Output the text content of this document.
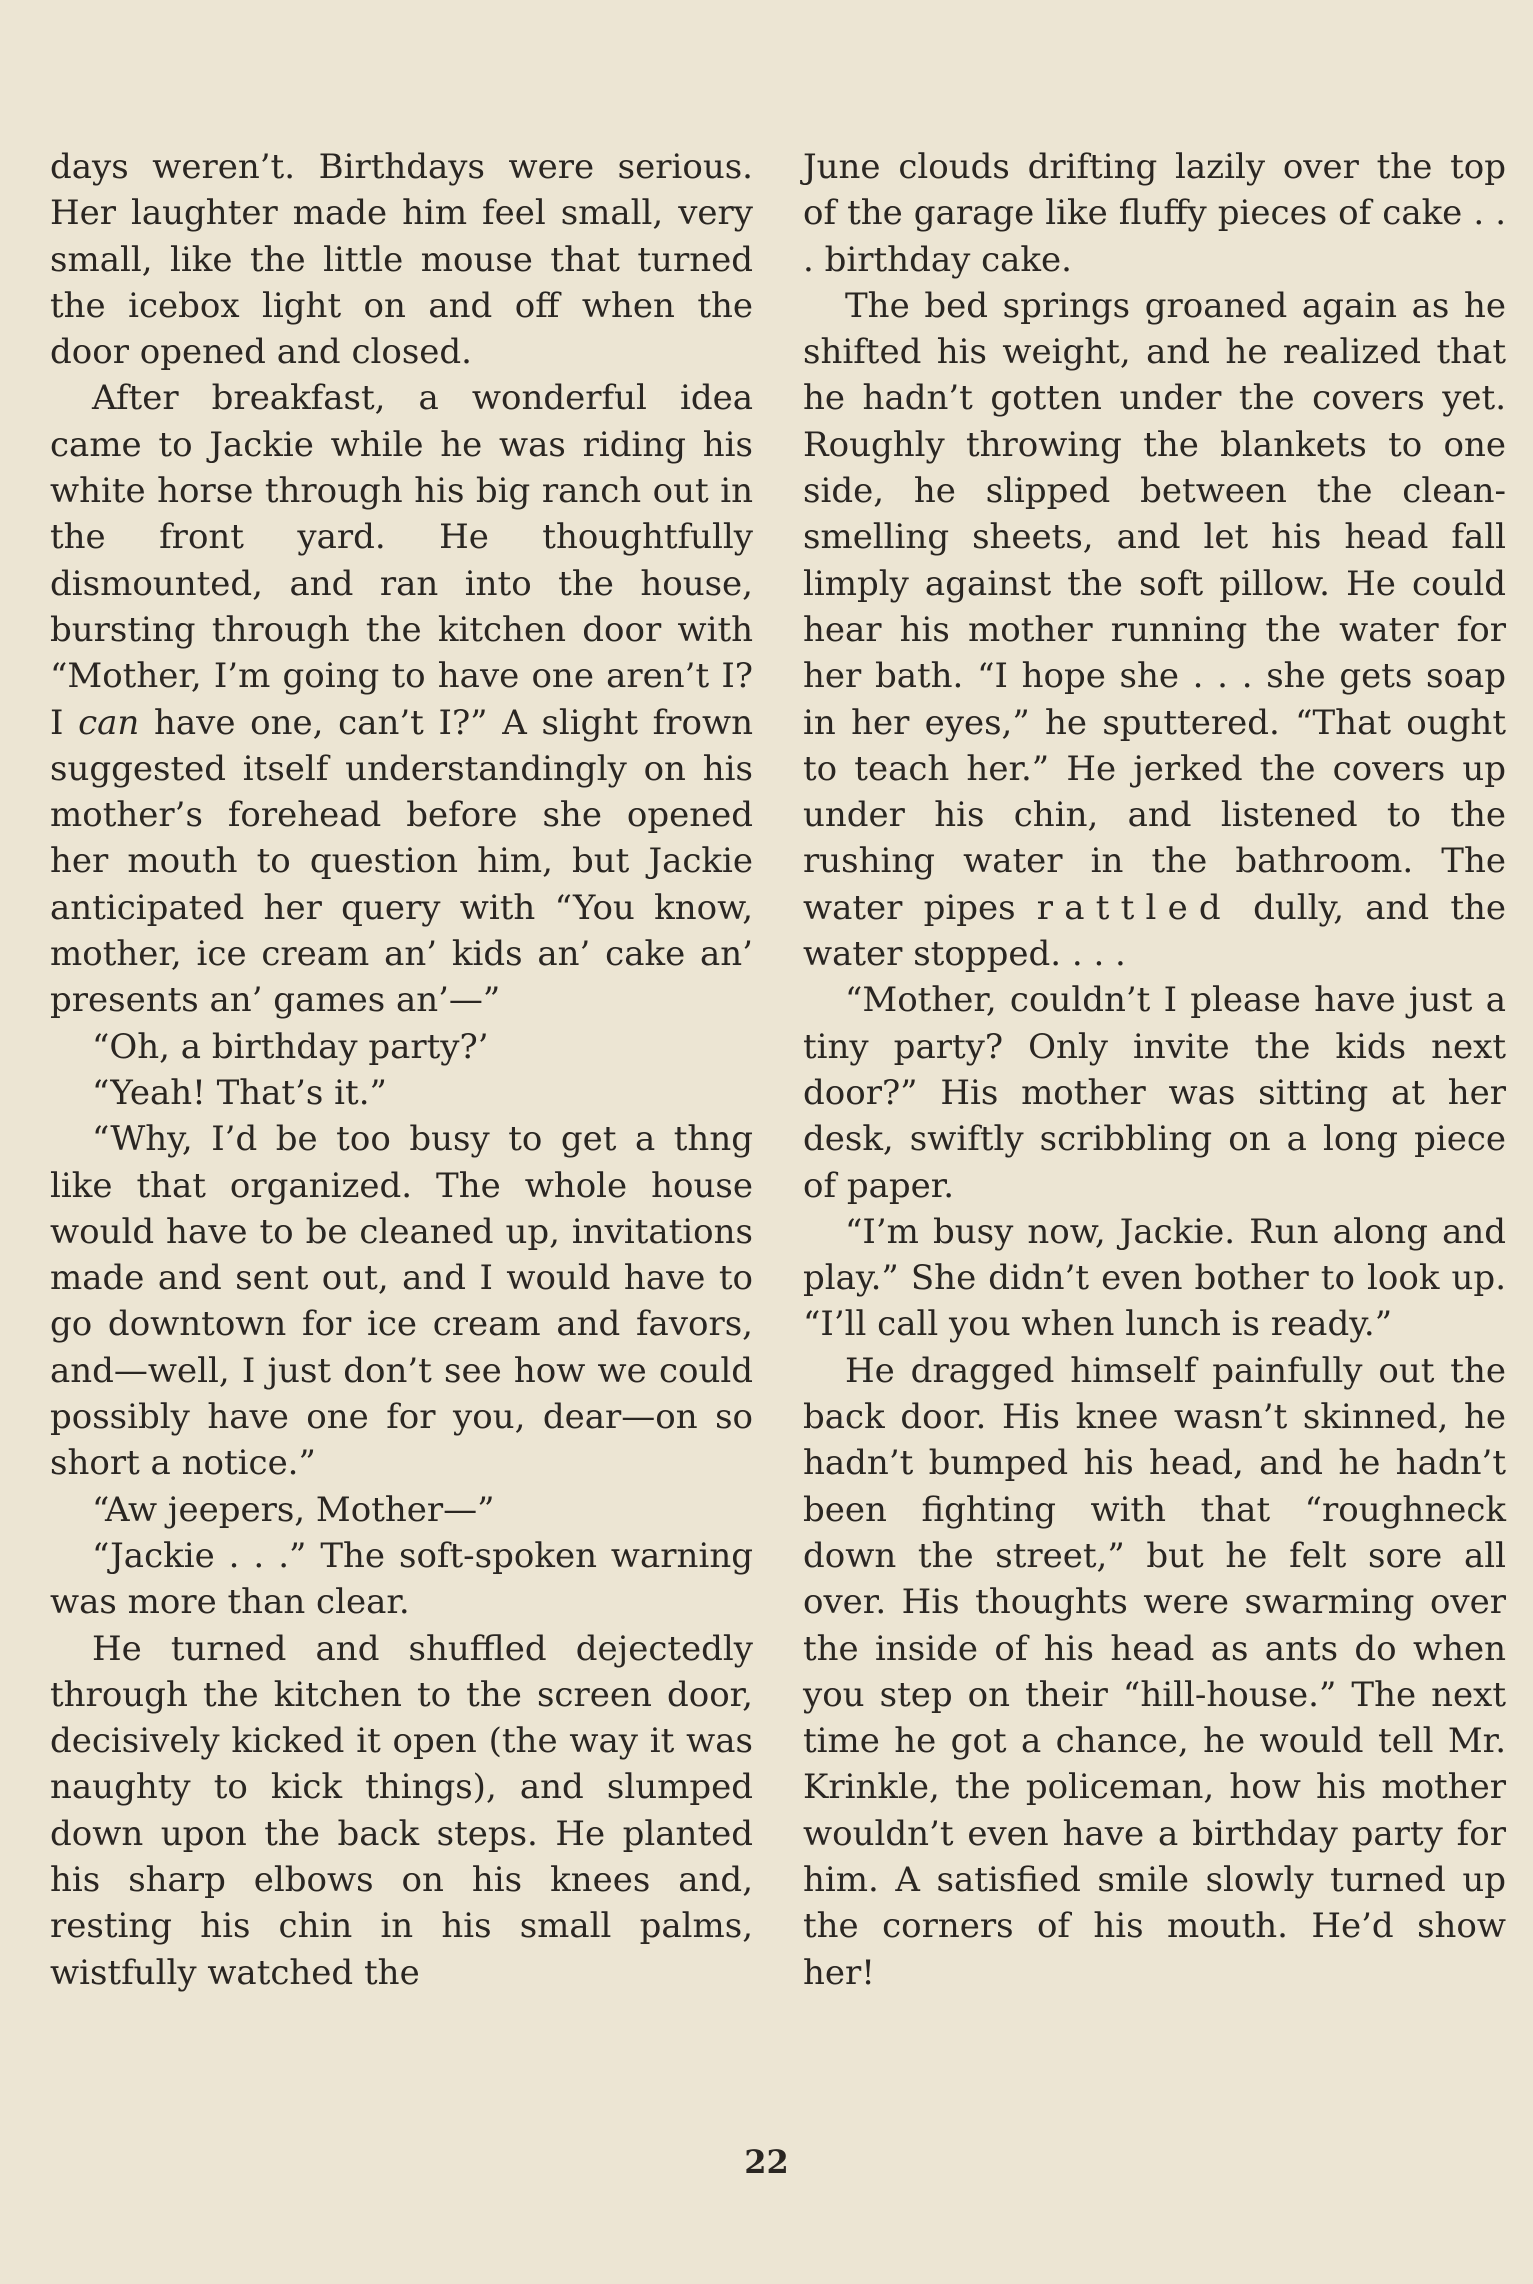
days weren’t. Birthdays were serious. Her laughter made him feel small, very small, like the little mouse that turned the icebox light on and off when the door opened and closed.

After breakfast, a wonderful idea came to Jackie while he was riding his white horse through his big ranch out in the front yard. He thoughtfully dismounted, and ran into the house, bursting through the kitchen door with “Mother, I’m going to have one aren’t I? I can have one, can’t I?” A slight frown suggested itself understandingly on his mother’s forehead before she opened her mouth to question him, but Jackie anticipated her query with “You know, mother, ice cream an’ kids an’ cake an’ presents an’ games an’—”

“Oh, a birthday party?’

“Yeah! That’s it.”

“Why, I’d be too busy to get a thng like that organized. The whole house would have to be cleaned up, invitations made and sent out, and I would have to go downtown for ice cream and favors, and—well, I just don’t see how we could possibly have one for you, dear—on so short a notice.”

“Aw jeepers, Mother—”

“Jackie . . .” The soft-spoken warning was more than clear.

He turned and shuffled dejectedly through the kitchen to the screen door, decisively kicked it open (the way it was naughty to kick things), and slumped down upon the back steps. He planted his sharp elbows on his knees and, resting his chin in his small palms, wistfully watched the

June clouds drifting lazily over the top of the garage like fluffy pieces of cake . . . birthday cake.

The bed springs groaned again as he shifted his weight, and he realized that he hadn’t gotten under the covers yet. Roughly throwing the blankets to one side, he slipped between the clean-smelling sheets, and let his head fall limply against the soft pillow. He could hear his mother running the water for her bath. “I hope she . . . she gets soap in her eyes,” he sputtered. “That ought to teach her.” He jerked the covers up under his chin, and listened to the rushing water in the bathroom. The water pipes rattled dully, and the water stopped. . . .

“Mother, couldn’t I please have just a tiny party? Only invite the kids next door?” His mother was sitting at her desk, swiftly scribbling on a long piece of paper.

“I’m busy now, Jackie. Run along and play.” She didn’t even bother to look up. “I’ll call you when lunch is ready.”

He dragged himself painfully out the back door. His knee wasn’t skinned, he hadn’t bumped his head, and he hadn’t been fighting with that “roughneck down the street,” but he felt sore all over. His thoughts were swarming over the inside of his head as ants do when you step on their “hill-house.” The next time he got a chance, he would tell Mr. Krinkle, the policeman, how his mother wouldn’t even have a birthday party for him. A satisfied smile slowly turned up the corners of his mouth. He’d show her!

22
